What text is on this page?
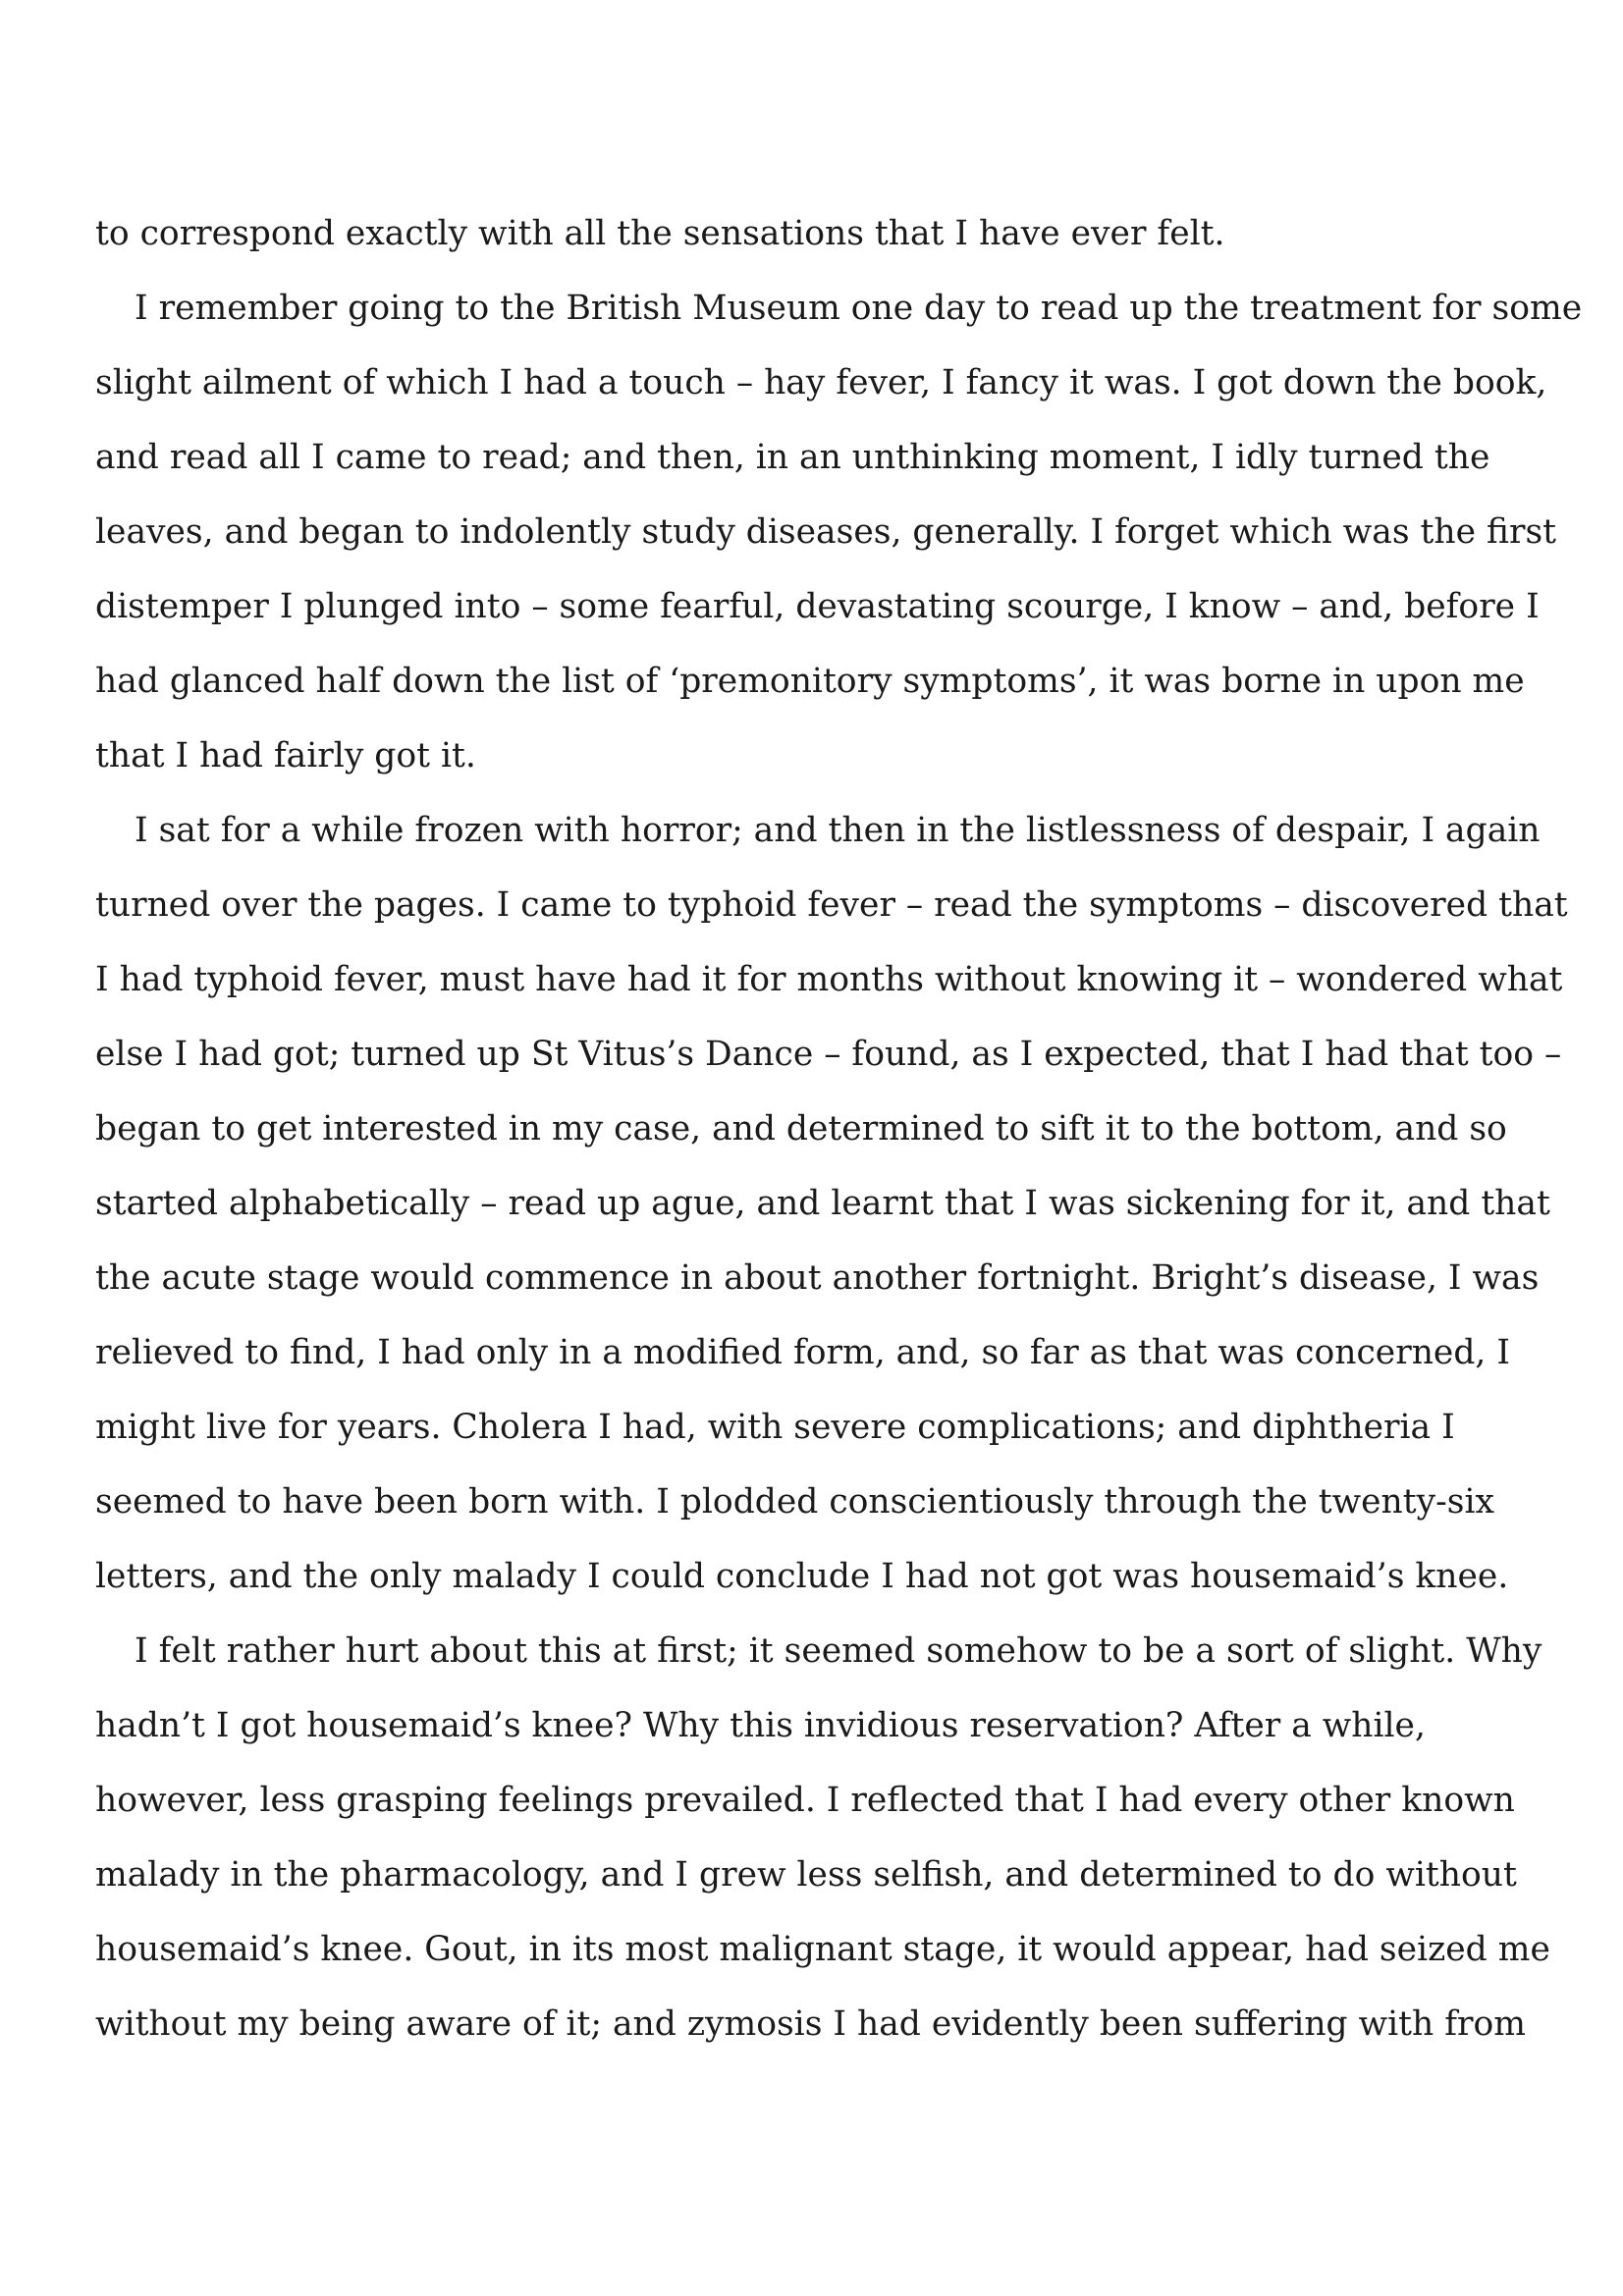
to correspond exactly with all the sensations that I have ever felt.
I remember going to the British Museum one day to read up the treatment for some
slight ailment of which I had a touch – hay fever, I fancy it was. I got down the book,
and read all I came to read; and then, in an unthinking moment, I idly turned the
leaves, and began to indolently study diseases, generally. I forget which was the first
distemper I plunged into – some fearful, devastating scourge, I know – and, before I
had glanced half down the list of ‘premonitory symptoms’, it was borne in upon me
that I had fairly got it.
I sat for a while frozen with horror; and then in the listlessness of despair, I again
turned over the pages. I came to typhoid fever – read the symptoms – discovered that
I had typhoid fever, must have had it for months without knowing it – wondered what
else I had got; turned up St Vitus’s Dance – found, as I expected, that I had that too –
began to get interested in my case, and determined to sift it to the bottom, and so
started alphabetically – read up ague, and learnt that I was sickening for it, and that
the acute stage would commence in about another fortnight. Bright’s disease, I was
relieved to find, I had only in a modified form, and, so far as that was concerned, I
might live for years. Cholera I had, with severe complications; and diphtheria I
seemed to have been born with. I plodded conscientiously through the twenty-six
letters, and the only malady I could conclude I had not got was housemaid’s knee.
I felt rather hurt about this at first; it seemed somehow to be a sort of slight. Why
hadn’t I got housemaid’s knee? Why this invidious reservation? After a while,
however, less grasping feelings prevailed. I reflected that I had every other known
malady in the pharmacology, and I grew less selfish, and determined to do without
housemaid’s knee. Gout, in its most malignant stage, it would appear, had seized me
without my being aware of it; and zymosis I had evidently been suffering with from
